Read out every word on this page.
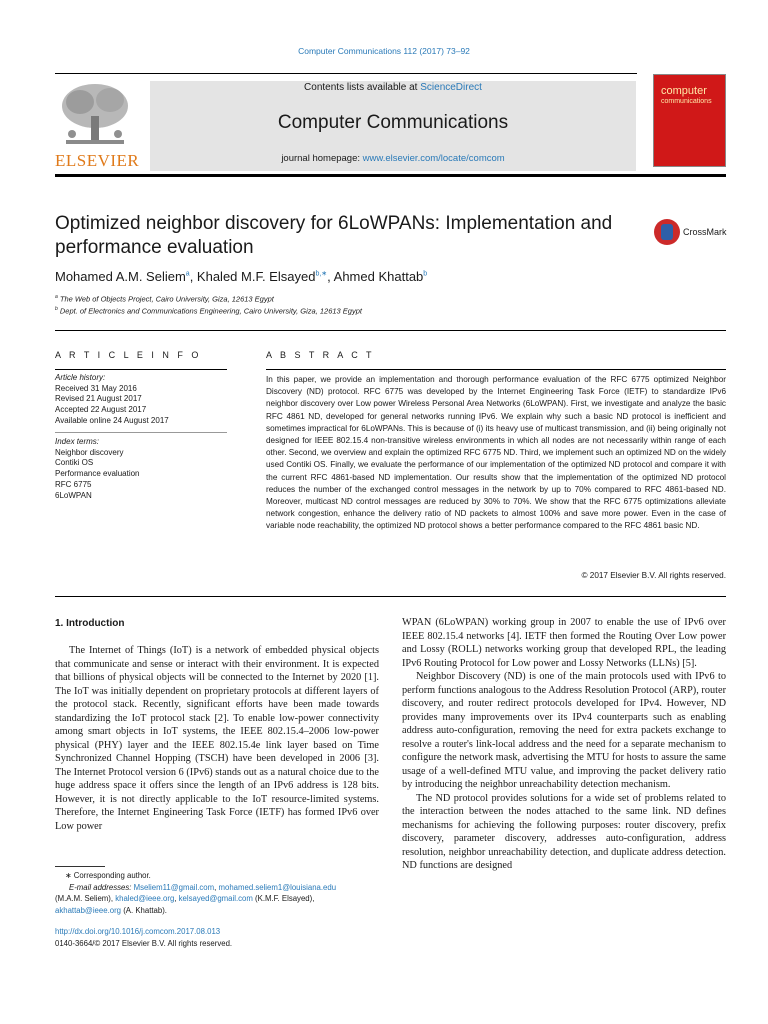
Computer Communications 112 (2017) 73–92
Contents lists available at ScienceDirect
Computer Communications
journal homepage: www.elsevier.com/locate/comcom
ELSEVIER
computer
communications
Optimized neighbor discovery for 6LoWPANs: Implementation and
performance evaluation
CrossMark
Mohamed A.M. Seliem$^a$, Khaled M.F. Elsayed$^{b,∗}$, Ahmed Khattab$^b$
$^a$ The Web of Objects Project, Cairo University, Giza, 12613 Egypt
$^b$ Dept. of Electronics and Communications Engineering, Cairo University, Giza, 12613 Egypt
A R T I C L E I N F O
Article history:
Received 31 May 2016
Revised 21 August 2017
Accepted 22 August 2017
Available online 24 August 2017
Index terms:
Neighbor discovery
Contiki OS
Performance evaluation
RFC 6775
6LoWPAN
A B S T R A C T
In this paper, we provide an implementation and thorough performance evaluation of the RFC 6775 optimized Neighbor Discovery (ND) protocol. RFC 6775 was developed by the Internet Engineering Task Force (IETF) to standardize IPv6 neighbor discovery over Low power Wireless Personal Area Networks (6LoWPAN). First, we investigate and analyze the basic RFC 4861 ND, developed for general networks running IPv6. We explain why such a basic ND protocol is inefficient and sometimes impractical for 6LoWPANs. This is because of (i) its heavy use of multicast transmission, and (ii) being originally not designed for IEEE 802.15.4 non-transitive wireless environments in which all nodes are not necessarily within range of each other. Second, we overview and explain the optimized RFC 6775 ND. Third, we implement such an optimized ND on the widely used Contiki OS. Finally, we evaluate the performance of our implementation of the optimized ND protocol and compare it with the current RFC 4861-based ND implementation. Our results show that the implementation of the optimized ND protocol reduces the number of the exchanged control messages in the network by up to 70% compared to RFC 4861-based ND. Moreover, multicast ND control messages are reduced by 30% to 70%. We show that the RFC 6775 optimizations alleviate network congestion, enhance the delivery ratio of ND packets to almost 100% and save more power. Even in the case of variable node reachability, the optimized ND protocol shows a better performance compared to the RFC 4861 basic ND.
© 2017 Elsevier B.V. All rights reserved.
1. Introduction

The Internet of Things (IoT) is a network of embedded physical objects that communicate and sense or interact with their environment. It is expected that billions of physical objects will be connected to the Internet by 2020 [1]. The IoT was initially dependent on proprietary protocols at different layers of the protocol stack. Recently, significant efforts have been made towards standardizing the IoT protocol stack [2]. To enable low-power connectivity among smart objects in IoT systems, the IEEE 802.15.4–2006 low-power physical (PHY) layer and the IEEE 802.15.4e link layer based on Time Synchronized Channel Hopping (TSCH) have been developed in 2006 [3]. The Internet Protocol version 6 (IPv6) stands out as a natural choice due to the huge address space it offers since the length of an IPv6 address is 128 bits. However, it is not directly applicable to the IoT resource-limited systems. Therefore, the Internet Engineering Task Force (IETF) has formed IPv6 over Low power

WPAN (6LoWPAN) working group in 2007 to enable the use of IPv6 over IEEE 802.15.4 networks [4]. IETF then formed the Routing Over Low power and Lossy (ROLL) networks working group that developed RPL, the leading IPv6 Routing Protocol for Low power and Lossy Networks (LLNs) [5].

Neighbor Discovery (ND) is one of the main protocols used with IPv6 to perform functions analogous to the Address Resolution Protocol (ARP), router discovery, and router redirect protocols developed for IPv4. However, ND provides many improvements over its IPv4 counterparts such as enabling address auto-configuration, removing the need for extra packets exchange to resolve a router's link-local address and the need for a separate mechanism to configure the network mask, advertising the MTU for hosts to assure the same usage of a well-defined MTU value, and improving the packet delivery ratio by introducing the neighbor unreachability detection mechanism.

The ND protocol provides solutions for a wide set of problems related to the interaction between the nodes attached to the same link. ND defines mechanisms for achieving the following purposes: router discovery, prefix discovery, parameter discovery, addresses auto-configuration, address resolution, neighbor unreachability detection, and duplicate address detection. ND functions are designed

∗ Corresponding author.
E-mail addresses: Mseliem11@gmail.com, mohamed.seliem1@louisiana.edu
(M.A.M. Seliem), khaled@ieee.org, kelsayed@gmail.com (K.M.F. Elsayed),
akhattab@ieee.org (A. Khattab).
http://dx.doi.org/10.1016/j.comcom.2017.08.013
0140-3664/© 2017 Elsevier B.V. All rights reserved.
